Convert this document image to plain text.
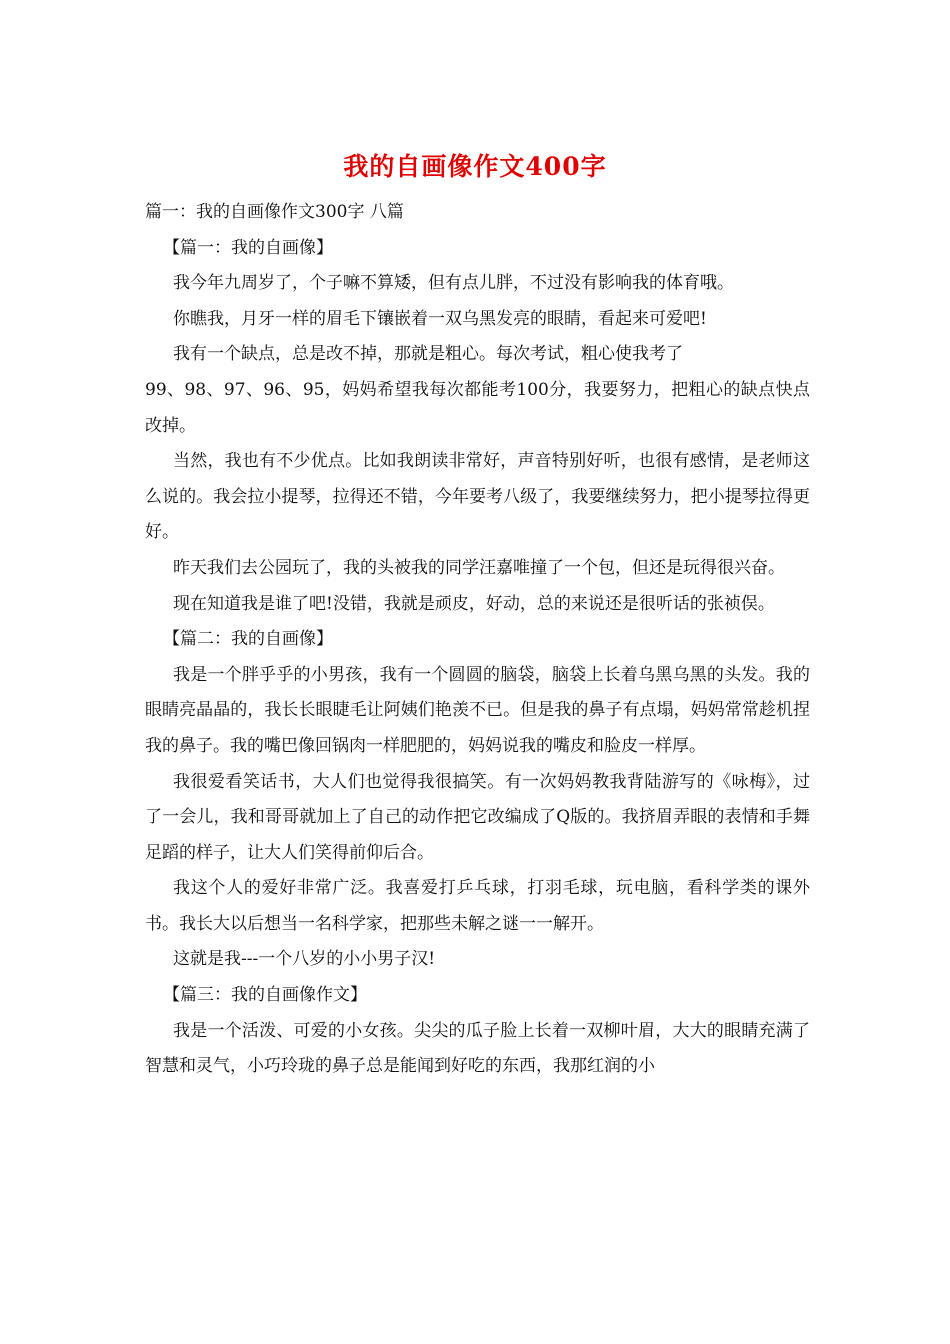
我的自画像作文400字

篇一：我的自画像作文300字 八篇

【篇一：我的自画像】

我今年九周岁了，个子嘛不算矮，但有点儿胖，不过没有影响我的体育哦。

你瞧我，月牙一样的眉毛下镶嵌着一双乌黑发亮的眼睛，看起来可爱吧!

我有一个缺点，总是改不掉，那就是粗心。每次考试，粗心使我考了

99、98、97、96、95，妈妈希望我每次都能考100分，我要努力，把粗心的缺点快点改掉。

当然，我也有不少优点。比如我朗读非常好，声音特别好听，也很有感情，是老师这么说的。我会拉小提琴，拉得还不错，今年要考八级了，我要继续努力，把小提琴拉得更好。

昨天我们去公园玩了，我的头被我的同学汪嘉唯撞了一个包，但还是玩得很兴奋。

现在知道我是谁了吧!没错，我就是顽皮，好动，总的来说还是很听话的张祯俣。

【篇二：我的自画像】

我是一个胖乎乎的小男孩，我有一个圆圆的脑袋，脑袋上长着乌黑乌黑的头发。我的眼睛亮晶晶的，我长长眼睫毛让阿姨们艳羡不已。但是我的鼻子有点塌，妈妈常常趁机捏我的鼻子。我的嘴巴像回锅肉一样肥肥的，妈妈说我的嘴皮和脸皮一样厚。

我很爱看笑话书，大人们也觉得我很搞笑。有一次妈妈教我背陆游写的《咏梅》，过了一会儿，我和哥哥就加上了自己的动作把它改编成了Q版的。我挤眉弄眼的表情和手舞足蹈的样子，让大人们笑得前仰后合。

我这个人的爱好非常广泛。我喜爱打乒乓球，打羽毛球，玩电脑，看科学类的课外书。我长大以后想当一名科学家，把那些未解之谜一一解开。

这就是我---一个八岁的小小男子汉!

【篇三：我的自画像作文】

我是一个活泼、可爱的小女孩。尖尖的瓜子脸上长着一双柳叶眉，大大的眼睛充满了智慧和灵气，小巧玲珑的鼻子总是能闻到好吃的东西，我那红润的小
